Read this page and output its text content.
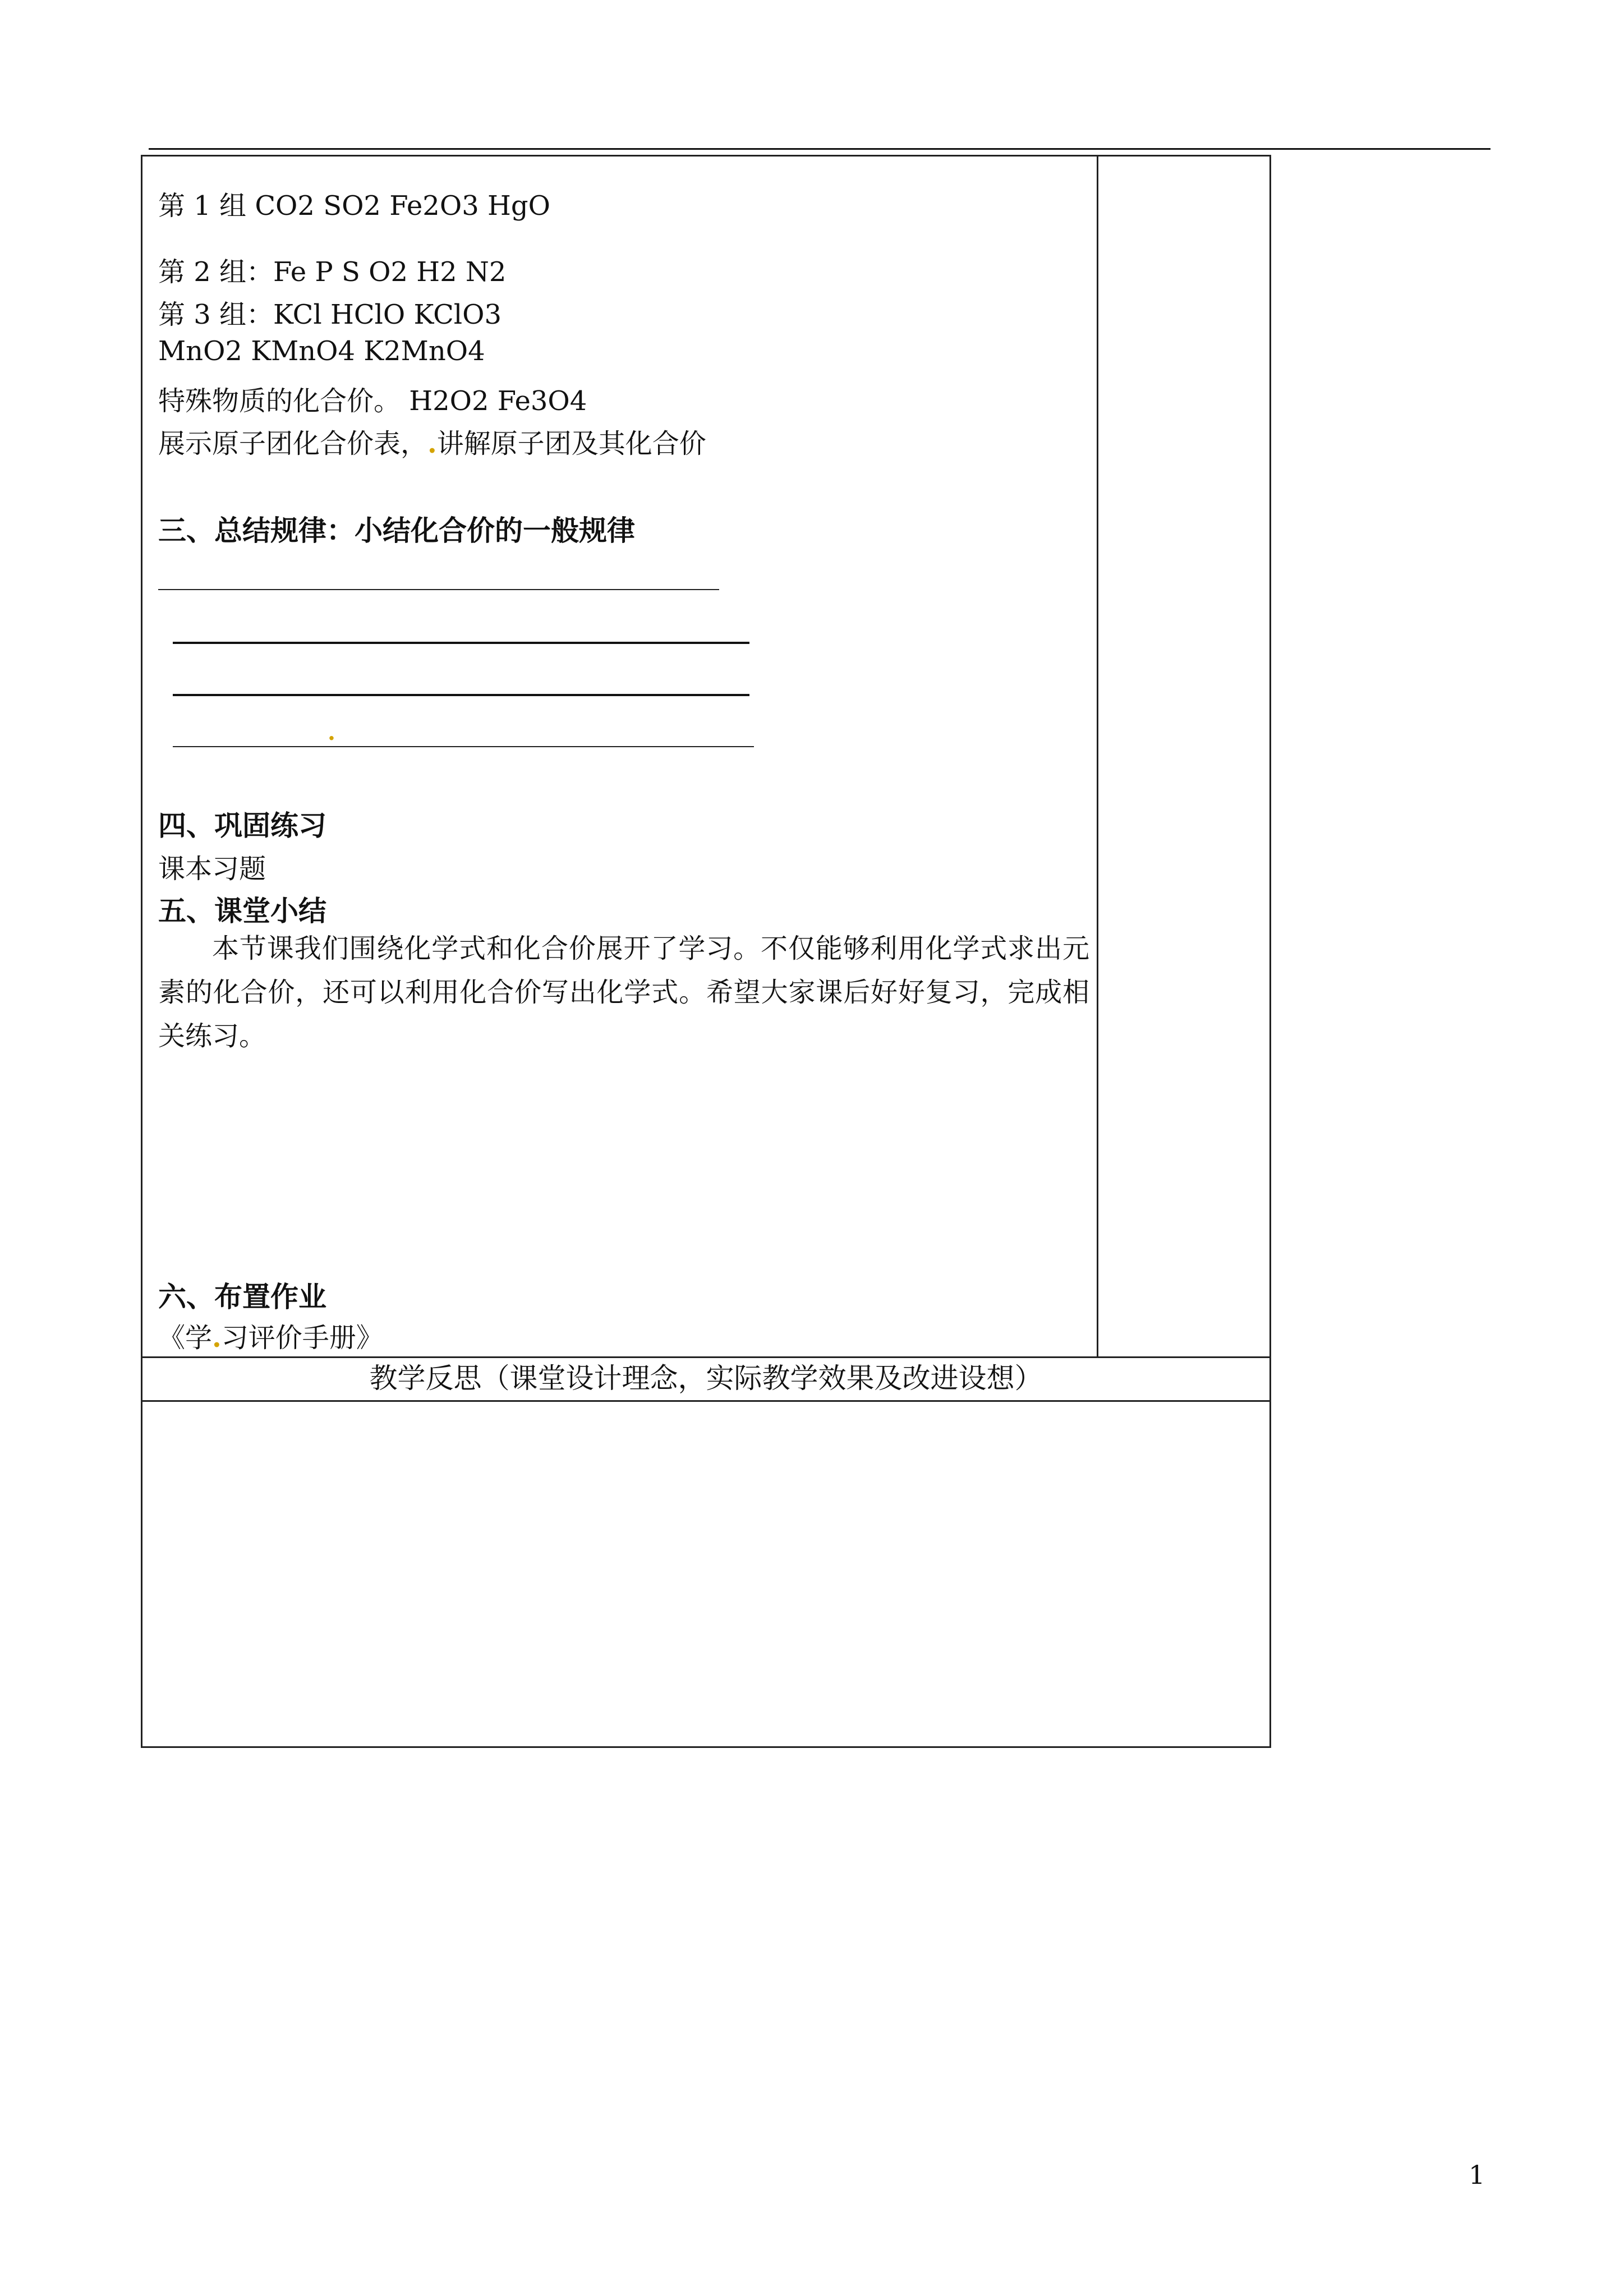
第 1 组 CO2 SO2 Fe2O3 HgO
第 2 组：Fe P S O2 H2 N2
第 3 组：KCl HClO KClO3
MnO2 KMnO4 K2MnO4
特殊物质的化合价。 H2O2 Fe3O4
展示原子团化合价表，.讲解原子团及其化合价
三、总结规律：小结化合价的一般规律
.
四、巩固练习
课本习题
五、课堂小结
本节课我们围绕化学式和化合价展开了学习。不仅能够利用化学式求出元素的化合价，还可以利用化合价写出化学式。希望大家课后好好复习，完成相关练习。
六、布置作业
《学.习评价手册》
教学反思（课堂设计理念，实际教学效果及改进设想）
1
